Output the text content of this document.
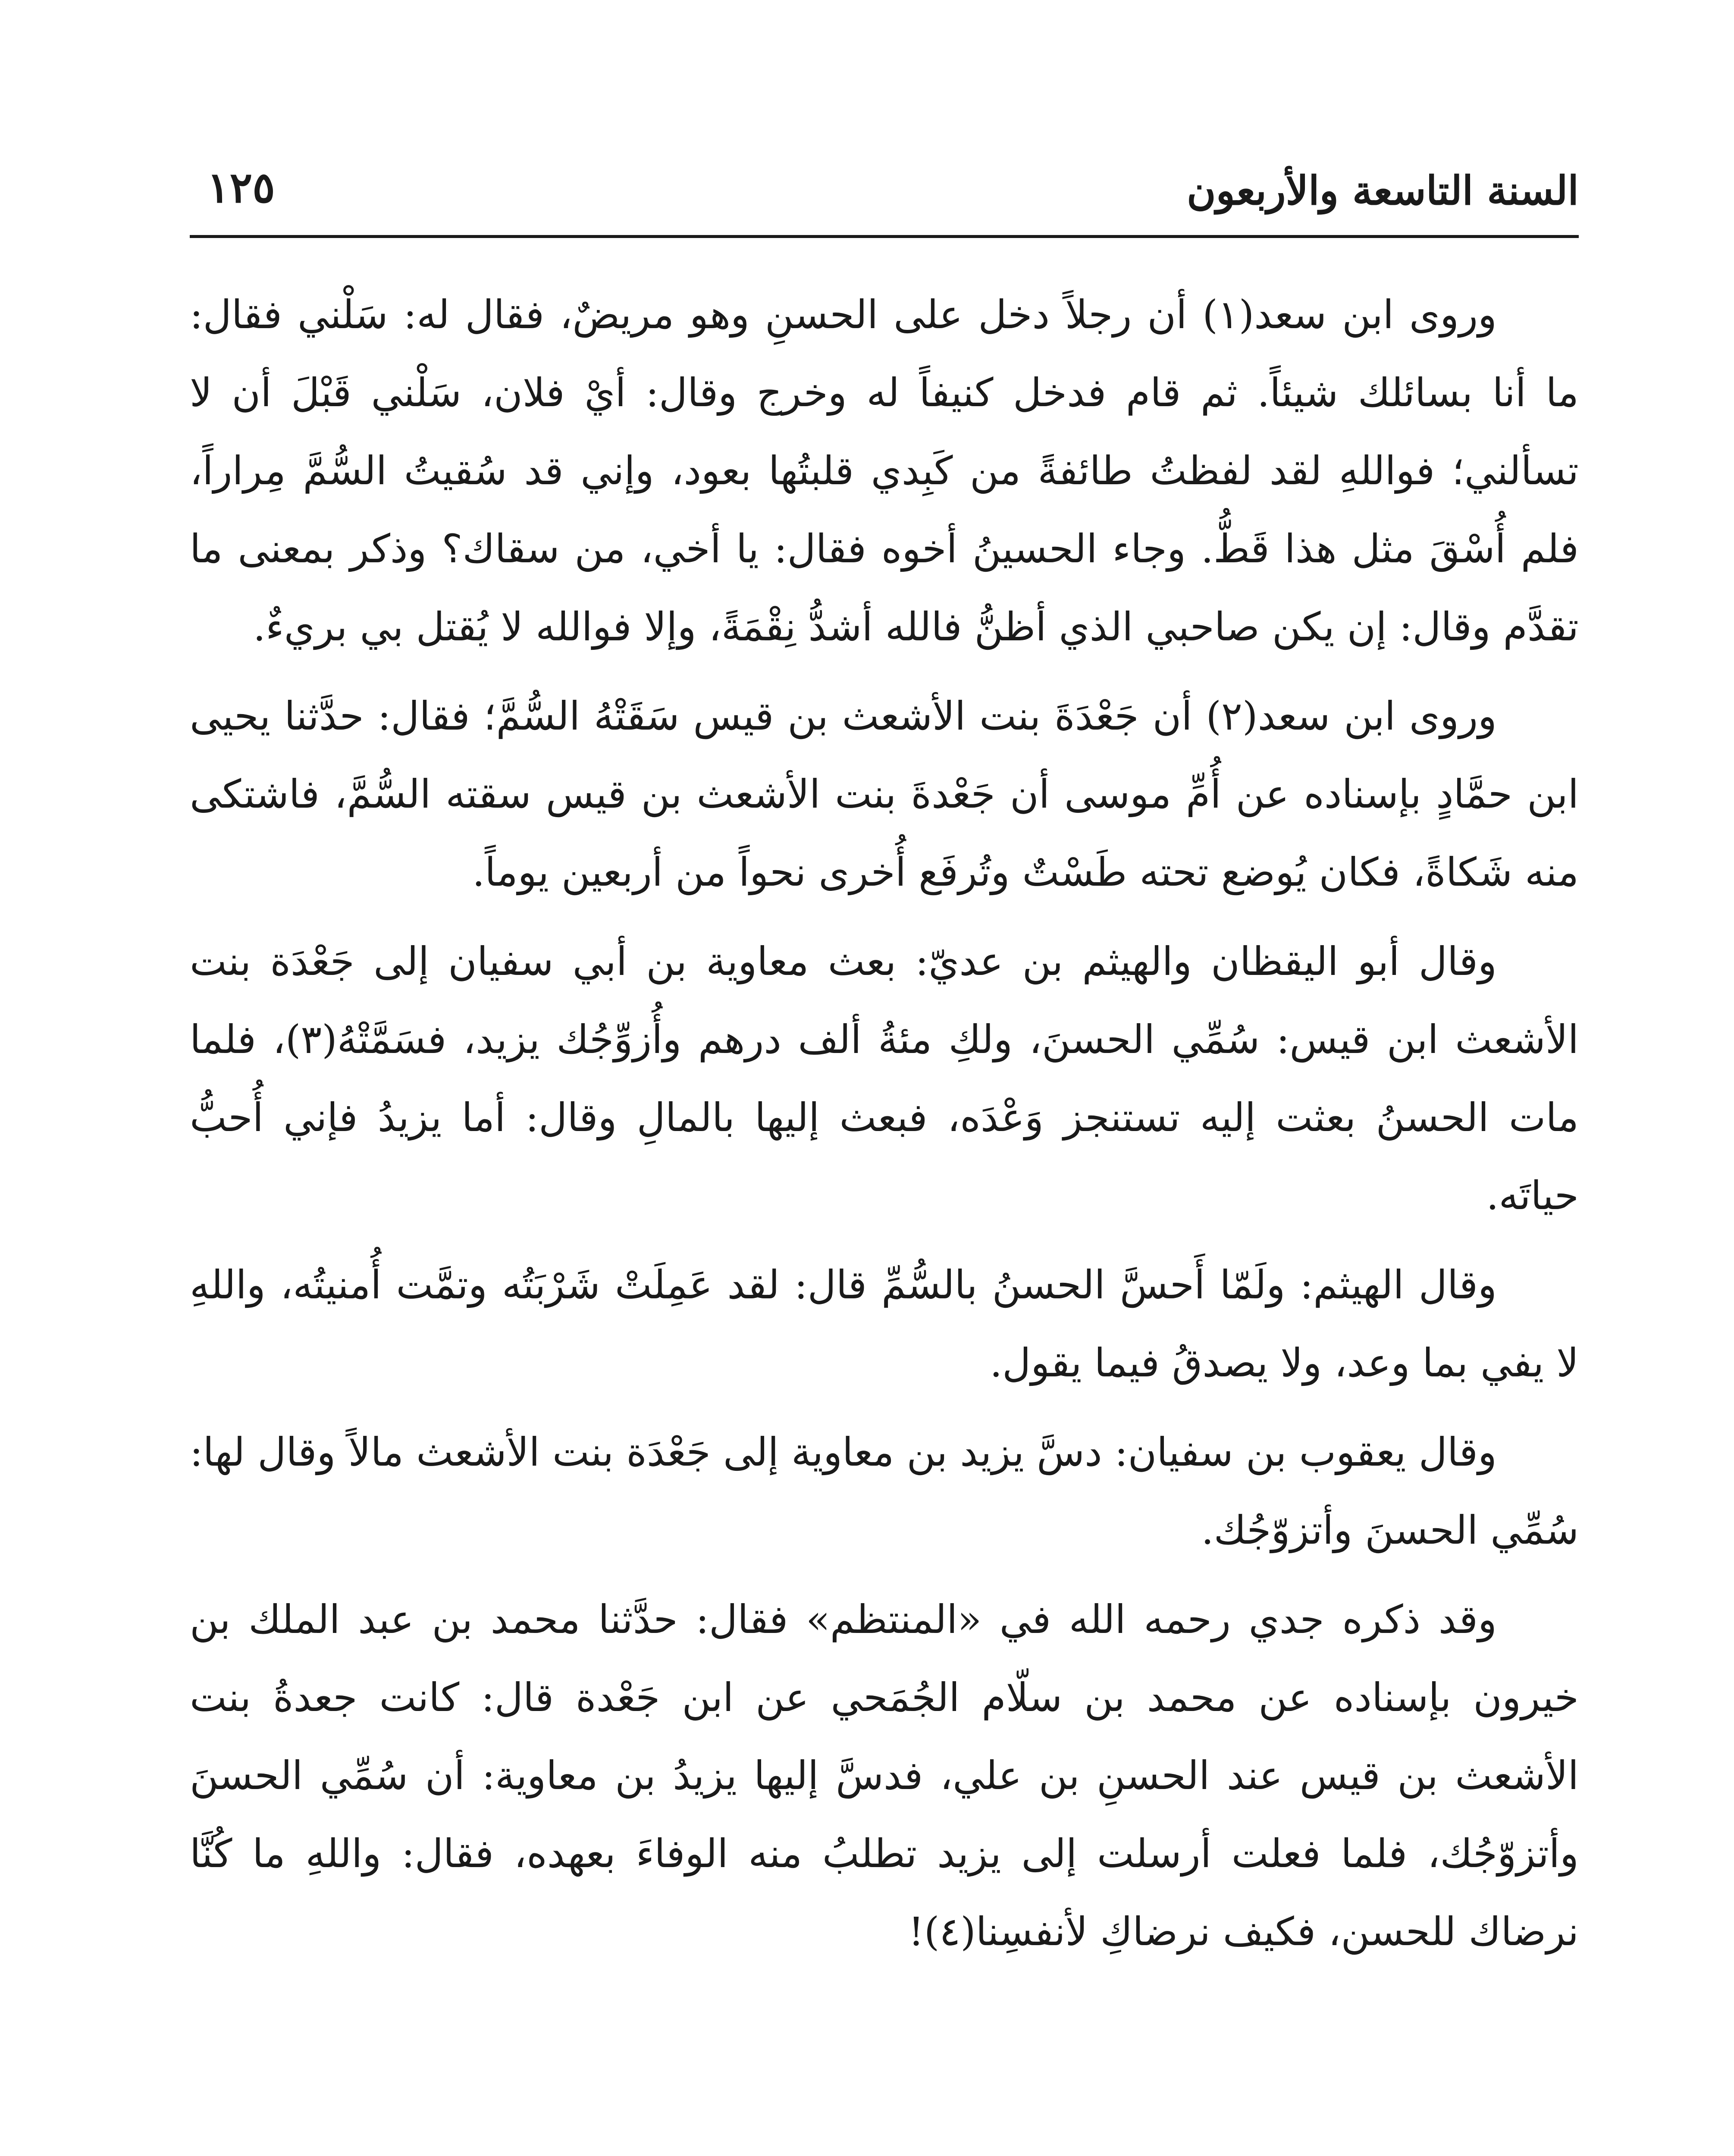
السنة التاسعة والأربعون
١٢٥

وروى ابن سعد(١) أن رجلاً دخل على الحسنِ وهو مريضٌ، فقال له: سَلْني فقال: ما أنا بسائلك شيئاً. ثم قام فدخل كنيفاً له وخرج وقال: أيْ فلان، سَلْني قَبْلَ أن لا تسألني؛ فواللهِ لقد لفظتُ طائفةً من كَبِدي قلبتُها بعود، وإني قد سُقيتُ السُّمَّ مِراراً، فلم أُسْقَ مثل هذا قَطُّ. وجاء الحسينُ أخوه فقال: يا أخي، من سقاك؟ وذكر بمعنى ما تقدَّم وقال: إن يكن صاحبي الذي أظنُّ فالله أشدُّ نِقْمَةً، وإلا فوالله لا يُقتل بي بريءٌ.

وروى ابن سعد(٢) أن جَعْدَةَ بنت الأشعث بن قيس سَقَتْهُ السُّمَّ؛ فقال: حدَّثنا يحيى ابن حمَّادٍ بإسناده عن أُمِّ موسى أن جَعْدةَ بنت الأشعث بن قيس سقته السُّمَّ، فاشتكى منه شَكاةً، فكان يُوضع تحته طَسْتٌ وتُرفَع أُخرى نحواً من أربعين يوماً.

وقال أبو اليقظان والهيثم بن عديّ: بعث معاوية بن أبي سفيان إلى جَعْدَة بنت الأشعث ابن قيس: سُمِّي الحسنَ، ولكِ مئةُ ألف درهم وأُزوِّجُك يزيد، فسَمَّتْهُ(٣)، فلما مات الحسنُ بعثت إليه تستنجز وَعْدَه، فبعث إليها بالمالِ وقال: أما يزيدُ فإني أُحبُّ حياتَه.

وقال الهيثم: ولَمّا أَحسَّ الحسنُ بالسُّمِّ قال: لقد عَمِلَتْ شَرْبَتُه وتمَّت أُمنيتُه، واللهِ لا يفي بما وعد، ولا يصدقُ فيما يقول.

وقال يعقوب بن سفيان: دسَّ يزيد بن معاوية إلى جَعْدَة بنت الأشعث مالاً وقال لها: سُمِّي الحسنَ وأتزوّجُك.

وقد ذكره جدي رحمه الله في «المنتظم» فقال: حدَّثنا محمد بن عبد الملك بن خيرون بإسناده عن محمد بن سلّام الجُمَحي عن ابن جَعْدة قال: كانت جعدةُ بنت الأشعث بن قيس عند الحسنِ بن علي، فدسَّ إليها يزيدُ بن معاوية: أن سُمِّي الحسنَ وأتزوّجُك، فلما فعلت أرسلت إلى يزيد تطلبُ منه الوفاءَ بعهده، فقال: واللهِ ما كُنَّا نرضاك للحسن، فكيف نرضاكِ لأنفسِنا(٤)!
